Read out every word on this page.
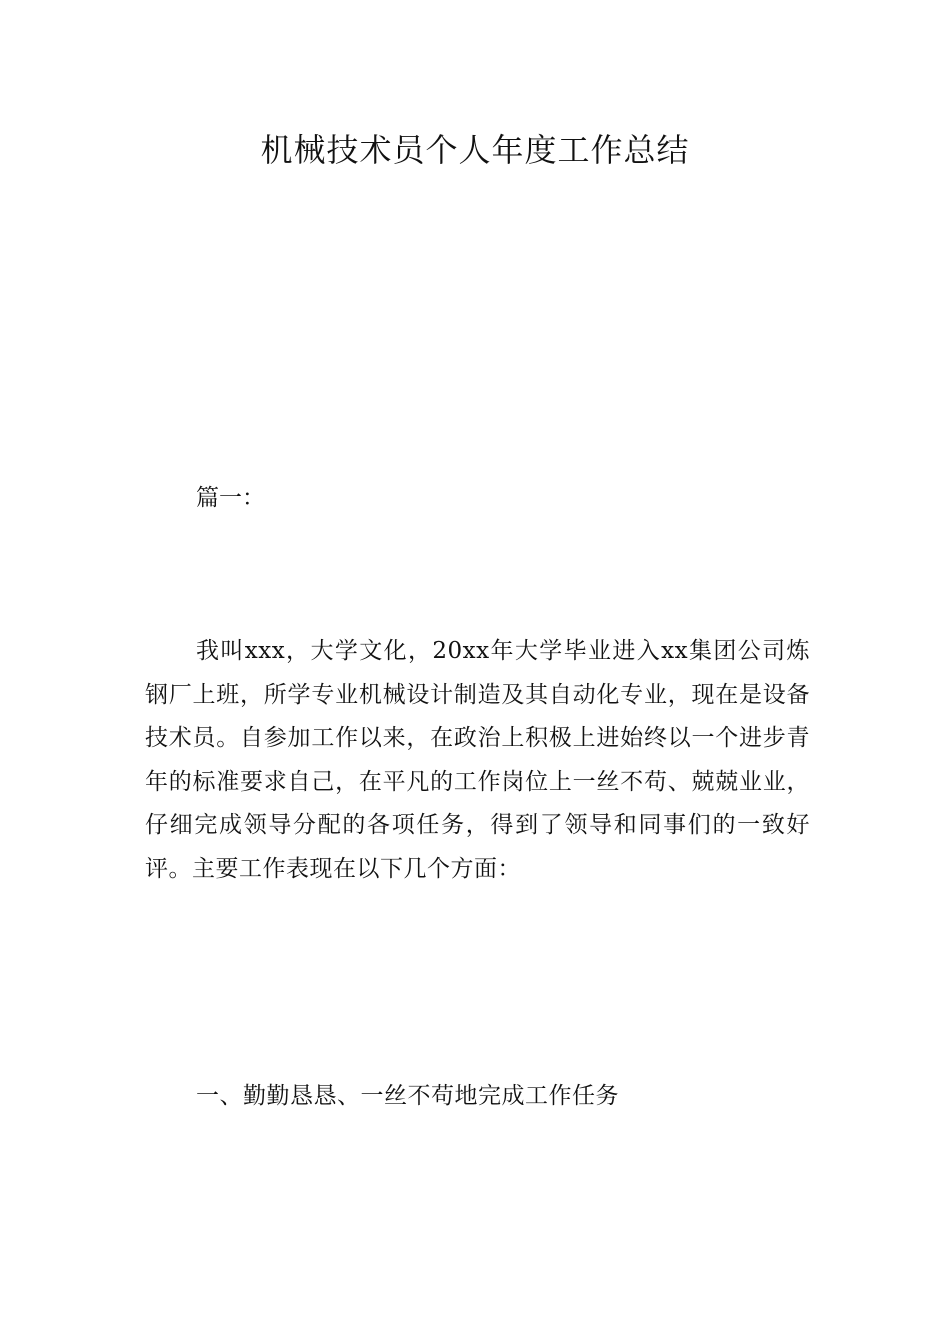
机械技术员个人年度工作总结
篇一：
我叫xxx，大学文化，20xx年大学毕业进入xx集团公司炼钢厂上班，所学专业机械设计制造及其自动化专业，现在是设备技术员。自参加工作以来，在政治上积极上进始终以一个进步青年的标准要求自己，在平凡的工作岗位上一丝不苟、兢兢业业，仔细完成领导分配的各项任务，得到了领导和同事们的一致好评。主要工作表现在以下几个方面：
一、勤勤恳恳、一丝不苟地完成工作任务
